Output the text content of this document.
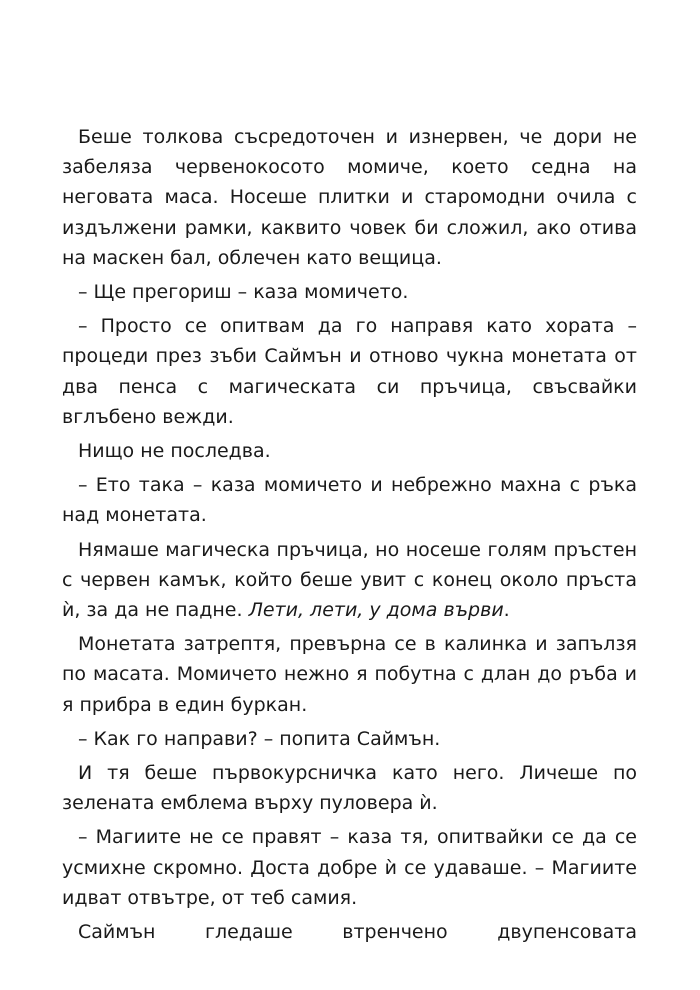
Беше толкова съсредоточен и изнервен, че дори не забеляза червенокосото момиче, което седна на неговата маса. Носеше плитки и старомодни очила с издължени рамки, каквито човек би сложил, ако отива на маскен бал, облечен като вещица.

– Ще прегориш – каза момичето.

– Просто се опитвам да го направя като хората – процеди през зъби Саймън и отново чукна монетата от два пенса с магическата си пръчица, свъсвайки вглъбено вежди.

Нищо не последва.

– Ето така – каза момичето и небрежно махна с ръка над монетата.

Нямаше магическа пръчица, но носеше голям пръстен с червен камък, който беше увит с конец около пръста ѝ, за да не падне. Лети, лети, у дома върви.

Монетата затрептя, превърна се в калинка и запълзя по масата. Момичето нежно я побутна с длан до ръба и я прибра в един буркан.

– Как го направи? – попита Саймън.

И тя беше първокурсничка като него. Личеше по зелената емблема върху пуловера ѝ.

– Магиите не се правят – каза тя, опитвайки се да се усмихне скромно. Доста добре ѝ се удаваше. – Магиите идват отвътре, от теб самия.

Саймън гледаше втренчено двупенсовата
